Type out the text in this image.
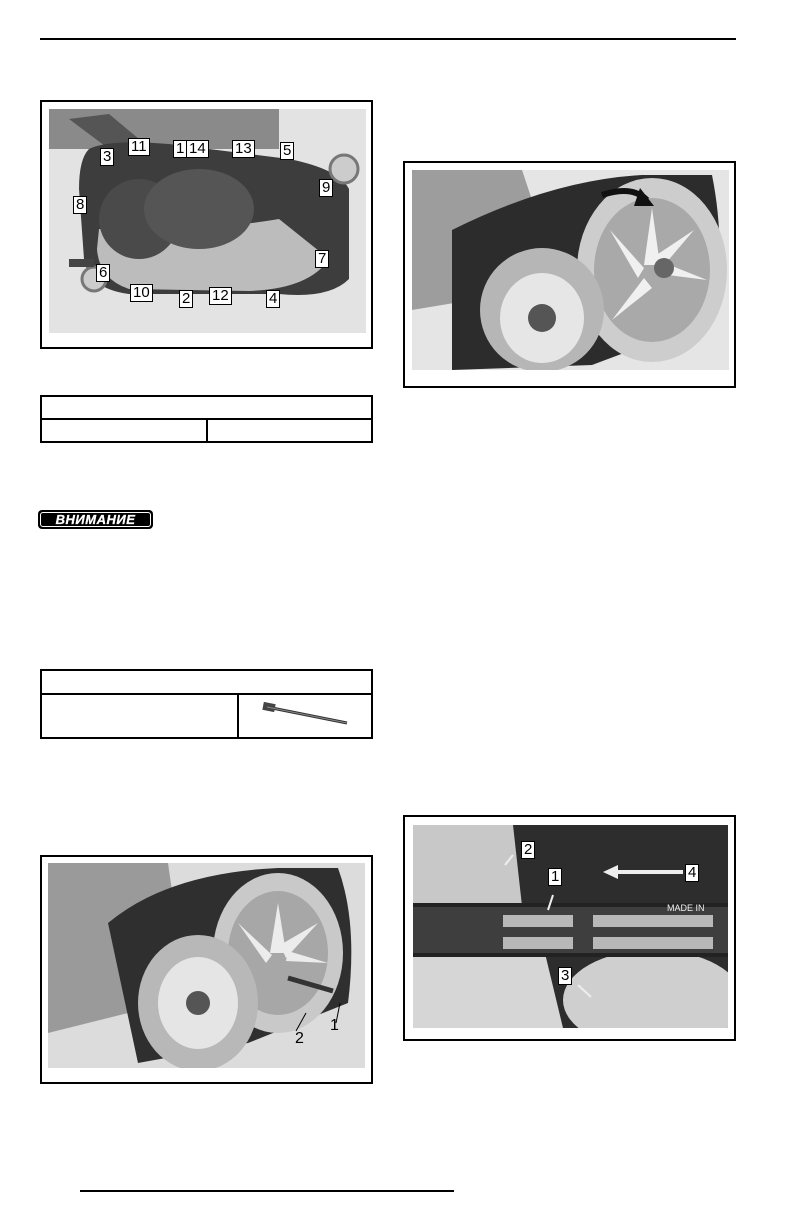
3
11 1 14 13 5
8
9
6
7
10 2 12	4
ВНИМАНИЕ
1
2
2
1	4
3
MADE IN
